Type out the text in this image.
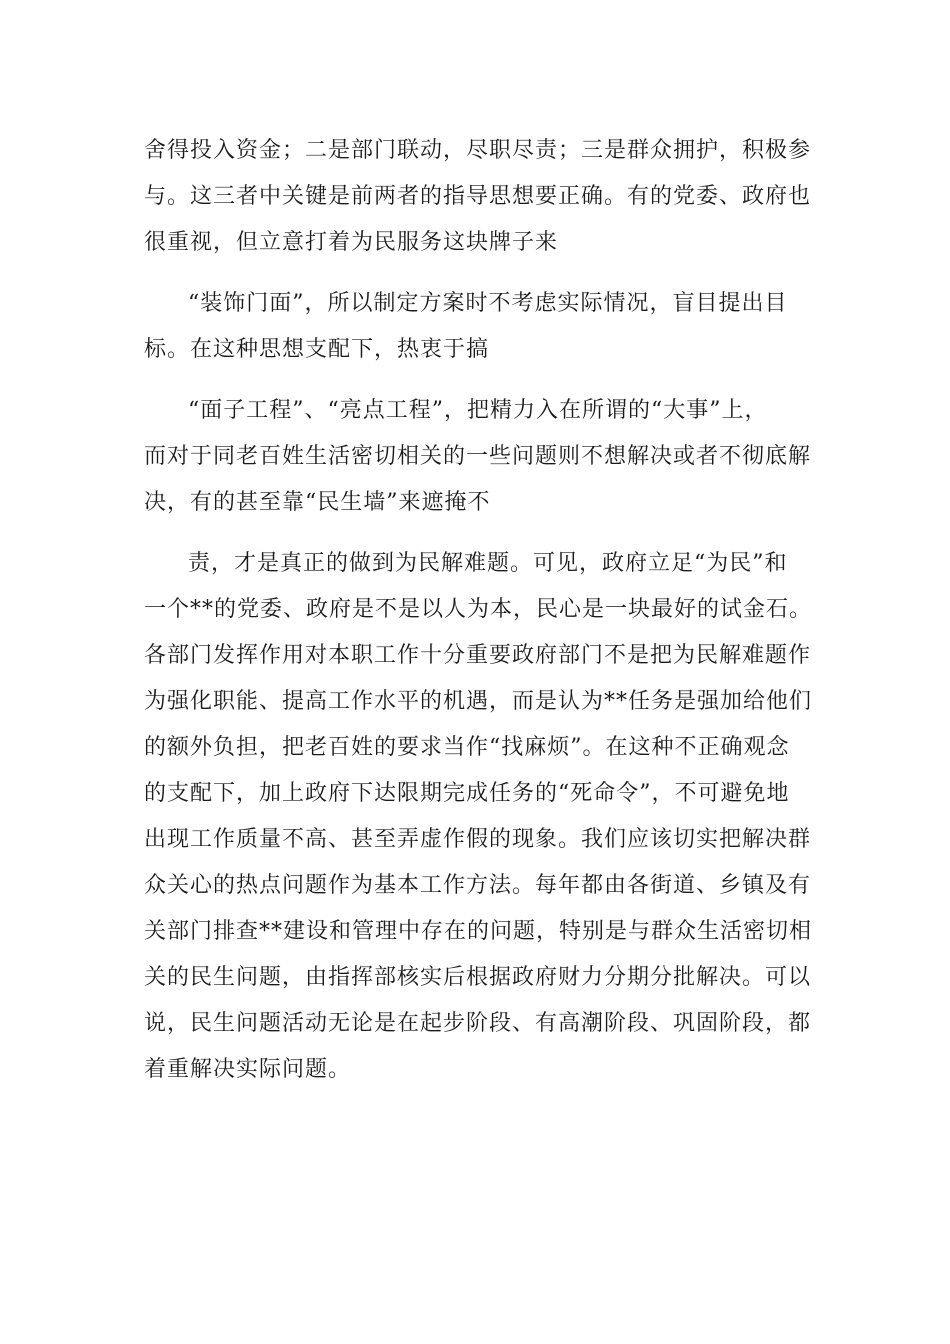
舍得投入资金；二是部门联动，尽职尽责；三是群众拥护，积极参
与。这三者中关键是前两者的指导思想要正确。有的党委、政府也
很重视，但立意打着为民服务这块牌子来
“装饰门面”，所以制定方案时不考虑实际情况，盲目提出目
标。在这种思想支配下，热衷于搞
“面子工程”、“亮点工程”，把精力入在所谓的“大事”上，
而对于同老百姓生活密切相关的一些问题则不想解决或者不彻底解
决，有的甚至靠“民生墙”来遮掩不
责，才是真正的做到为民解难题。可见，政府立足“为民”和
一个**的党委、政府是不是以人为本，民心是一块最好的试金石。
各部门发挥作用对本职工作十分重要政府部门不是把为民解难题作
为强化职能、提高工作水平的机遇，而是认为**任务是强加给他们
的额外负担，把老百姓的要求当作“找麻烦”。在这种不正确观念
的支配下，加上政府下达限期完成任务的“死命令”，不可避免地
出现工作质量不高、甚至弄虚作假的现象。我们应该切实把解决群
众关心的热点问题作为基本工作方法。每年都由各街道、乡镇及有
关部门排查**建设和管理中存在的问题，特别是与群众生活密切相
关的民生问题，由指挥部核实后根据政府财力分期分批解决。可以
说，民生问题活动无论是在起步阶段、有高潮阶段、巩固阶段，都
着重解决实际问题。
